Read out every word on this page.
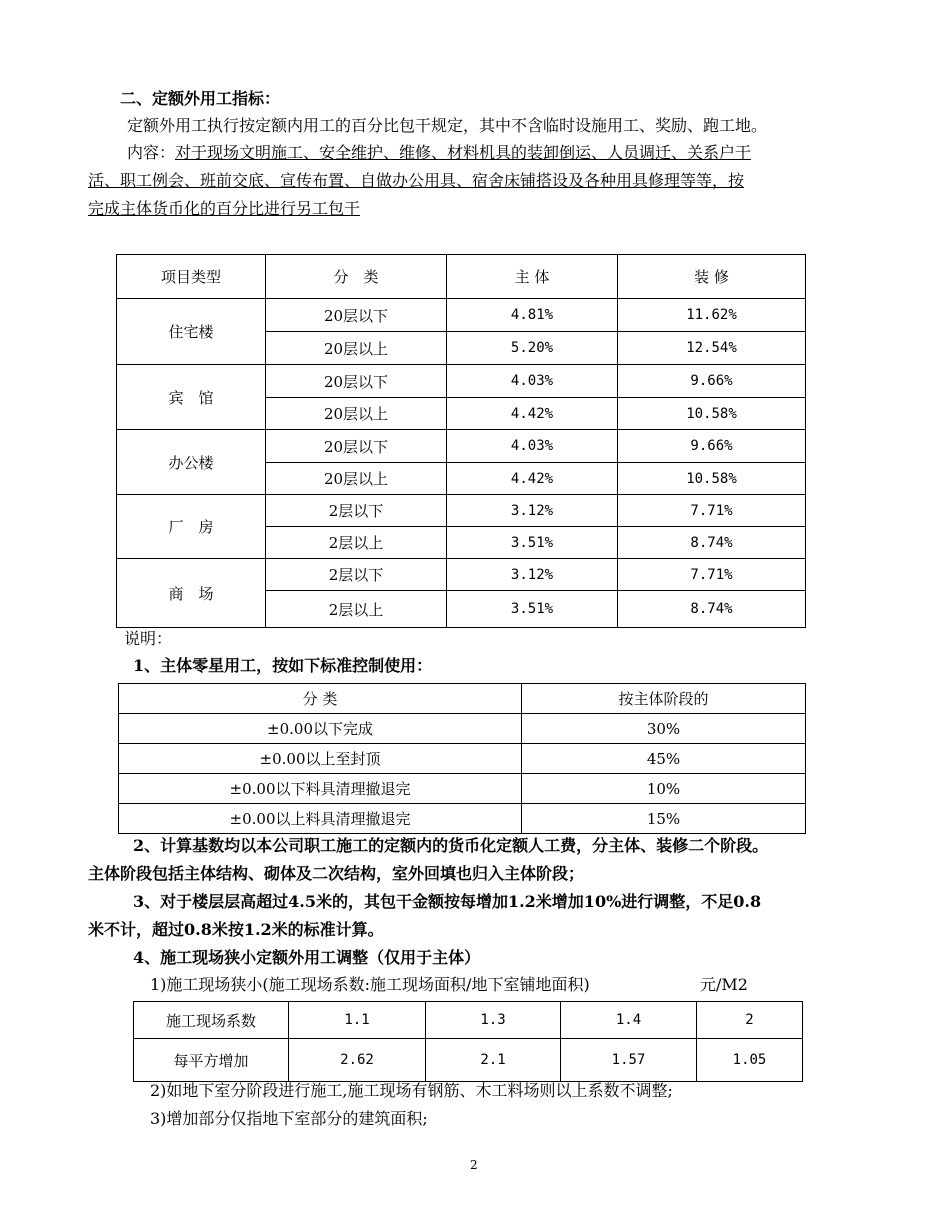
二、定额外用工指标：
定额外用工执行按定额内用工的百分比包干规定，其中不含临时设施用工、奖励、跑工地。
内容：对于现场文明施工、安全维护、维修、材料机具的装卸倒运、人员调迁、关系户干
活、职工例会、班前交底、宣传布置、自做办公用具、宿舍床铺搭设及各种用具修理等等，按
完成主体货币化的百分比进行另工包干
项目类型	分　类	主 体	装 修
住宅楼	20层以下	4.81%	11.62%
	20层以上	5.20%	12.54%
宾　馆	20层以下	4.03%	9.66%
	20层以上	4.42%	10.58%
办公楼	20层以下	4.03%	9.66%
	20层以上	4.42%	10.58%
厂　房	2层以下	3.12%	7.71%
	2层以上	3.51%	8.74%
商　场	2层以下	3.12%	7.71%
	2层以上	3.51%	8.74%
说明：
1、主体零星用工，按如下标准控制使用：
分 类	按主体阶段的
±0.00以下完成	30%
±0.00以上至封顶	45%
±0.00以下料具清理撤退完	10%
±0.00以上料具清理撤退完	15%
2、计算基数均以本公司职工施工的定额内的货币化定额人工费，分主体、装修二个阶段。
主体阶段包括主体结构、砌体及二次结构，室外回填也归入主体阶段；
3、对于楼层层高超过4.5米的，其包干金额按每增加1.2米增加10%进行调整，不足0.8
米不计，超过0.8米按1.2米的标准计算。
4、施工现场狭小定额外用工调整（仅用于主体）
1)施工现场狭小(施工现场系数:施工现场面积/地下室铺地面积)	元/M2
施工现场系数	1.1	1.3	1.4	2
每平方增加	2.62	2.1	1.57	1.05
2)如地下室分阶段进行施工,施工现场有钢筋、木工料场则以上系数不调整;
3)增加部分仅指地下室部分的建筑面积;
2
